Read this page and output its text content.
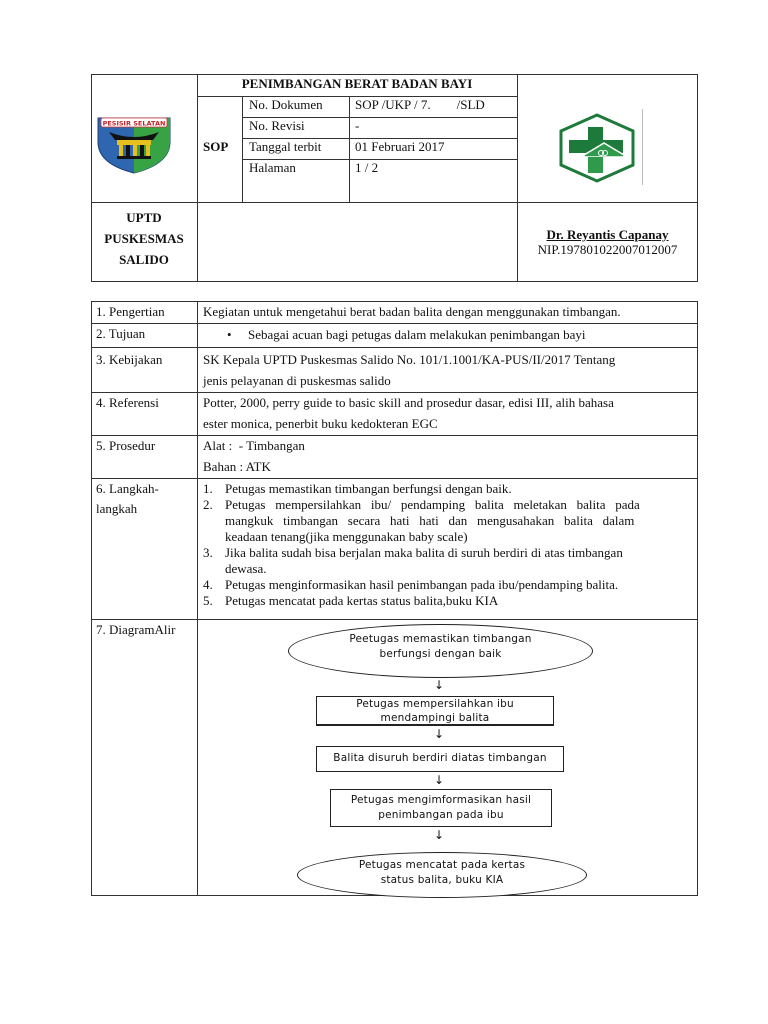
PENIMBANGAN BERAT BADAN BAYI
SOP
No. Dokumen SOP /UKP / 7.        /SLD
No. Revisi	-
Tanggal terbit	01 Februari 2017
Halaman	1 / 2
PESISIR SELATAN
UPTD
PUSKESMAS
SALIDO
Dr. Reyantis Capanay
NIP.197801022007012007
1. Pengertian	Kegiatan untuk mengetahui berat badan balita dengan menggunakan timbangan.
2. Tujuan	• Sebagai acuan bagi petugas dalam melakukan penimbangan bayi
3. Kebijakan	SK Kepala UPTD Puskesmas Salido No. 101/1.1001/KA-PUS/II/2017 Tentang
jenis pelayanan di puskesmas salido
4. Referensi	Potter, 2000, perry guide to basic skill and prosedur dasar, edisi III, alih bahasa
ester monica, penerbit buku kedokteran EGC
5. Prosedur	Alat :  - Timbangan
Bahan : ATK
6. Langkah-
langkah
1. Petugas memastikan timbangan berfungsi dengan baik.
2. Petugas   mempersilahkan   ibu/   pendamping   balita   meletakan   balita   pada
mangkuk   timbangan   secara   hati   hati   dan   mengusahakan   balita   dalam
keadaan tenang(jika menggunakan baby scale)
3. Jika balita sudah bisa berjalan maka balita di suruh berdiri di atas timbangan
dewasa.
4. Petugas menginformasikan hasil penimbangan pada ibu/pendamping balita.
5. Petugas mencatat pada kertas status balita,buku KIA
7. DiagramAlir
Peetugas memastikan timbangan
berfungsi dengan baik
↓
Petugas mempersilahkan ibu
mendampingi balita
↓
Balita disuruh berdiri diatas timbangan
↓
Petugas mengimformasikan hasil
penimbangan pada ibu
↓
Petugas mencatat pada kertas
status balita, buku KIA
